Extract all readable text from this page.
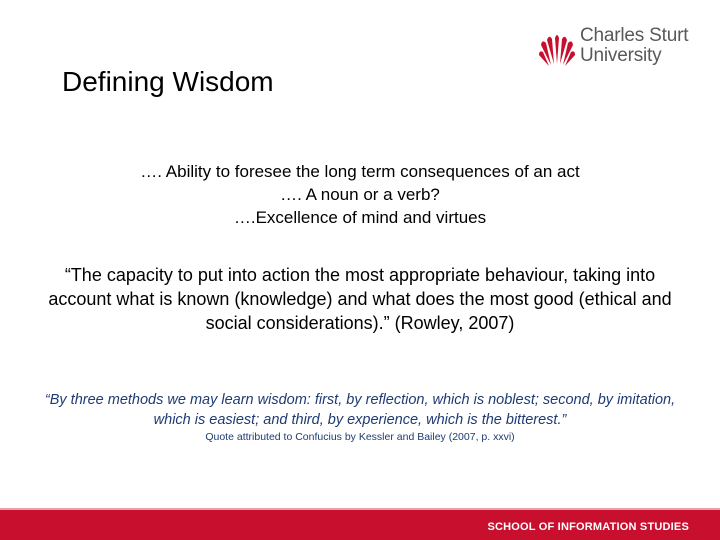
Charles Sturt
University
Defining Wisdom
…. Ability to foresee the long term consequences of an act
…. A noun or a verb?
….Excellence of mind and virtues
“The capacity to put into action the most appropriate behaviour, taking into account what is known (knowledge) and what does the most good (ethical and social considerations).” (Rowley, 2007)
“By three methods we may learn wisdom: first, by reflection, which is noblest; second, by imitation, which is easiest; and third, by experience, which is the bitterest.”
Quote attributed to Confucius by Kessler and Bailey (2007, p. xxvi)
SCHOOL OF INFORMATION STUDIES
